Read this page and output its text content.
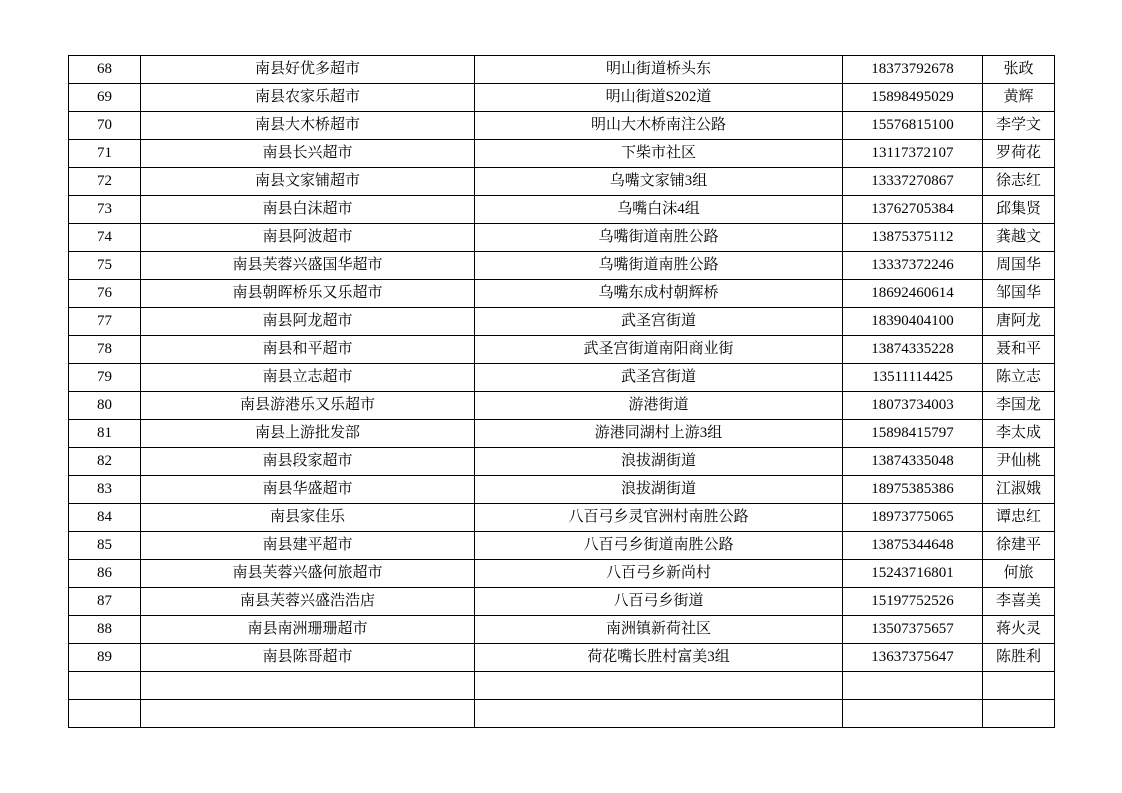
68	南县好优多超市	明山街道桥头东	18373792678	张政
69	南县农家乐超市	明山街道S202道	15898495029	黄辉
70	南县大木桥超市	明山大木桥南注公路	15576815100	李学文
71	南县长兴超市	下柴市社区	13117372107	罗荷花
72	南县文家铺超市	乌嘴文家铺3组	13337270867	徐志红
73	南县白沫超市	乌嘴白沫4组	13762705384	邱集贤
74	南县阿波超市	乌嘴街道南胜公路	13875375112	龚越文
75	南县芙蓉兴盛国华超市	乌嘴街道南胜公路	13337372246	周国华
76	南县朝晖桥乐又乐超市	乌嘴东成村朝辉桥	18692460614	邹国华
77	南县阿龙超市	武圣宫街道	18390404100	唐阿龙
78	南县和平超市	武圣宫街道南阳商业街	13874335228	聂和平
79	南县立志超市	武圣宫街道	13511114425	陈立志
80	南县游港乐又乐超市	游港街道	18073734003	李国龙
81	南县上游批发部	游港同湖村上游3组	15898415797	李太成
82	南县段家超市	浪拔湖街道	13874335048	尹仙桃
83	南县华盛超市	浪拔湖街道	18975385386	江淑娥
84	南县家佳乐	八百弓乡灵官洲村南胜公路	18973775065	谭忠红
85	南县建平超市	八百弓乡街道南胜公路	13875344648	徐建平
86	南县芙蓉兴盛何旅超市	八百弓乡新尚村	15243716801	何旅
87	南县芙蓉兴盛浩浩店	八百弓乡街道	15197752526	李喜美
88	南县南洲珊珊超市	南洲镇新荷社区	13507375657	蒋火灵
89	南县陈哥超市	荷花嘴长胜村富美3组	13637375647	陈胜利
